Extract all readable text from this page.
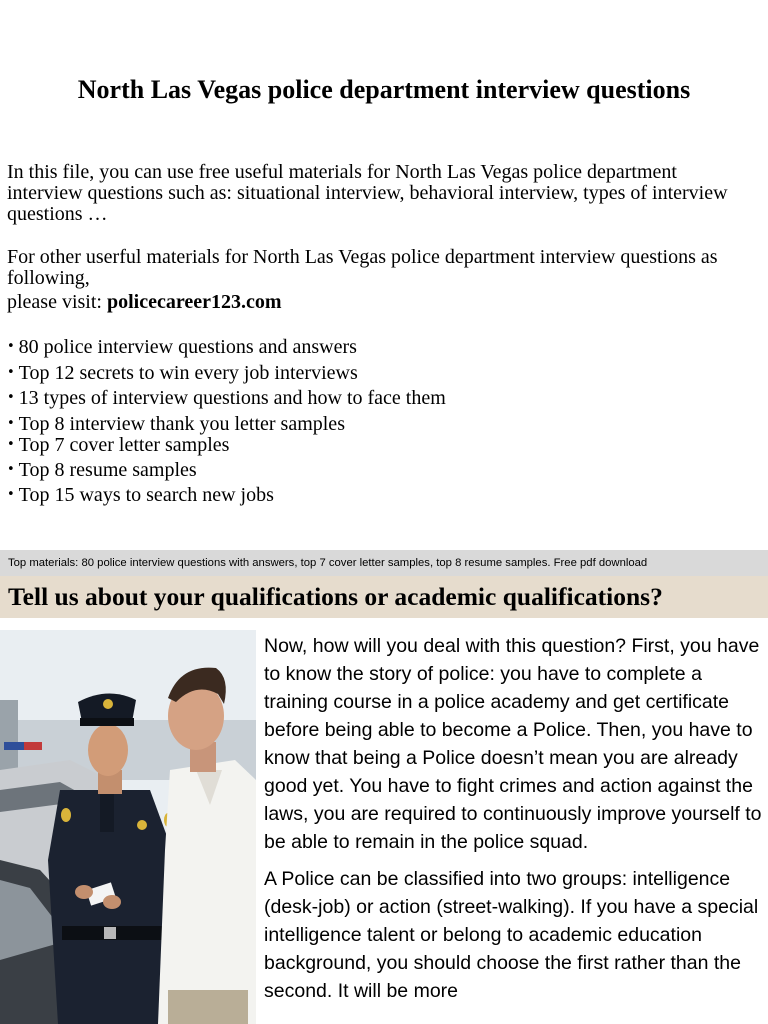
North Las Vegas police department interview questions

In this file, you can use free useful materials for North Las Vegas police department interview questions such as: situational interview, behavioral interview, types of interview questions …

For other userful materials for North Las Vegas police department interview questions as following,

please visit: policecareer123.com

• 80 police interview questions and answers
• Top 12 secrets to win every job interviews
• 13 types of interview questions and how to face them
• Top 8 interview thank you letter samples
• Top 7 cover letter samples
• Top 8 resume samples
• Top 15 ways to search new jobs
Top materials: 80 police interview questions with answers, top 7 cover letter samples, top 8 resume samples. Free pdf download
Tell us about your qualifications or academic qualifications?

Now, how will you deal with this question? First, you have to know the story of police: you have to complete a training course in a police academy and get certificate before being able to become a Police. Then, you have to know that being a Police doesn’t mean you are already good yet. You have to fight crimes and action against the laws, you are required to continuously improve yourself to be able to remain in the police squad.

A Police can be classified into two groups: intelligence (desk-job) or action (street-walking). If you have a special intelligence talent or belong to academic education background, you should choose the first rather than the second. It will be more
